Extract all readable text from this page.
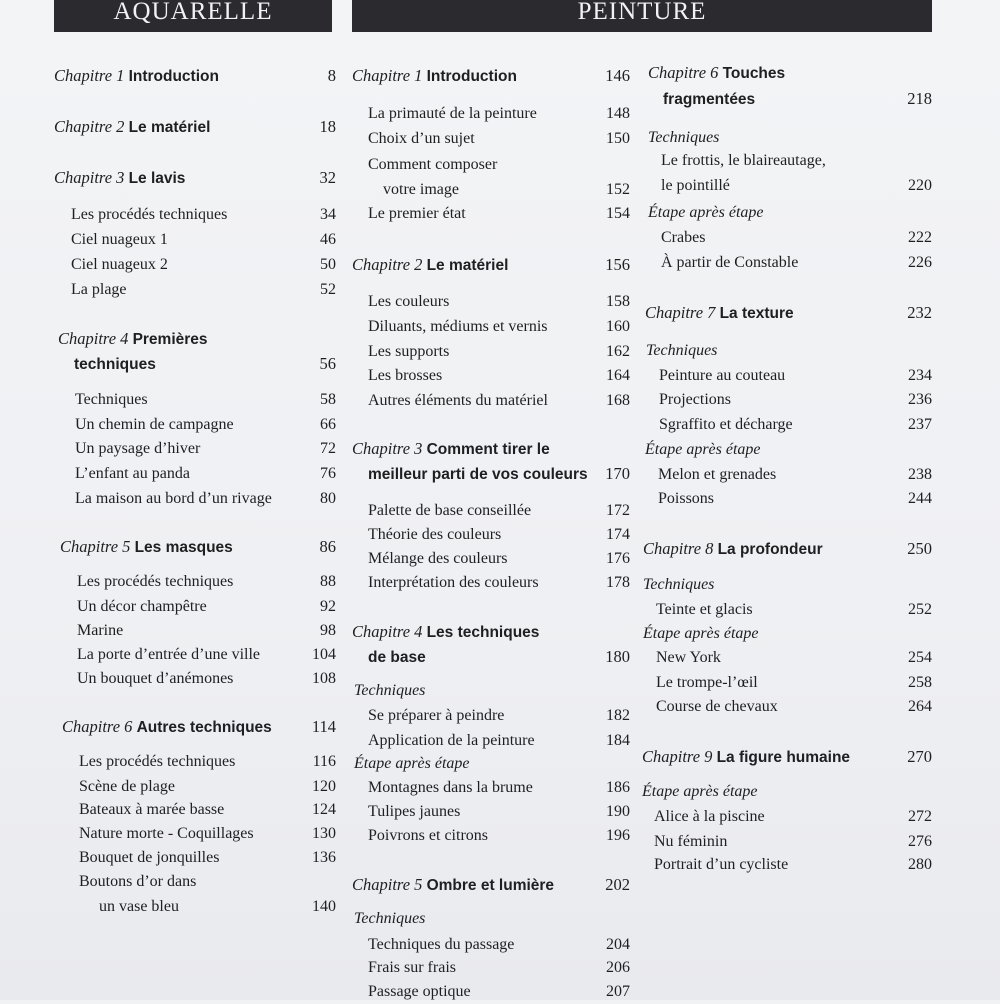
AQUARELLE	PEINTURE
Chapitre 1 Introduction	8
Chapitre 2 Le matériel	18
Chapitre 3 Le lavis	32
Les procédés techniques	34
Ciel nuageux 1	46
Ciel nuageux 2	50
La plage	52
Chapitre 4 Premières
techniques	56
Techniques	58
Un chemin de campagne	66
Un paysage d’hiver	72
L’enfant au panda	76
La maison au bord d’un rivage	80
Chapitre 5 Les masques	86
Les procédés techniques	88
Un décor champêtre	92
Marine	98
La porte d’entrée d’une ville	104
Un bouquet d’anémones	108
Chapitre 6 Autres techniques 114
Les procédés techniques	116
Scène de plage	120
Bateaux à marée basse	124
Nature morte - Coquillages	130
Bouquet de jonquilles	136
Boutons d’or dans
un vase bleu	140
Chapitre 1 Introduction	146
La primauté de la peinture	148
Choix d’un sujet	150
Comment composer
votre image	152
Le premier état	154
Chapitre 2 Le matériel	156
Les couleurs	158
Diluants, médiums et vernis	160
Les supports	162
Les brosses	164
Autres éléments du matériel	168
Chapitre 3 Comment tirer le
meilleur parti de vos couleurs 170
Palette de base conseillée	172
Théorie des couleurs	174
Mélange des couleurs	176
Interprétation des couleurs	178
Chapitre 4 Les techniques
de base	180
Techniques
Se préparer à peindre	182
Application de la peinture	184
Étape après étape
Montagnes dans la brume	186
Tulipes jaunes	190
Poivrons et citrons	196
Chapitre 5 Ombre et lumière	202
Techniques
Techniques du passage	204
Frais sur frais	206
Passage optique	207
Chapitre 6 Touches
fragmentées	218
Techniques
Le frottis, le blaireautage,
le pointillé	220
Étape après étape
Crabes	222
À partir de Constable	226
Chapitre 7 La texture	232
Techniques
Peinture au couteau	234
Projections	236
Sgraffito et décharge	237
Étape après étape
Melon et grenades	238
Poissons	244
Chapitre 8 La profondeur	250
Techniques
Teinte et glacis	252
Étape après étape
New York	254
Le trompe-l’œil	258
Course de chevaux	264
Chapitre 9 La figure humaine	270
Étape après étape
Alice à la piscine	272
Nu féminin	276
Portrait d’un cycliste	280
